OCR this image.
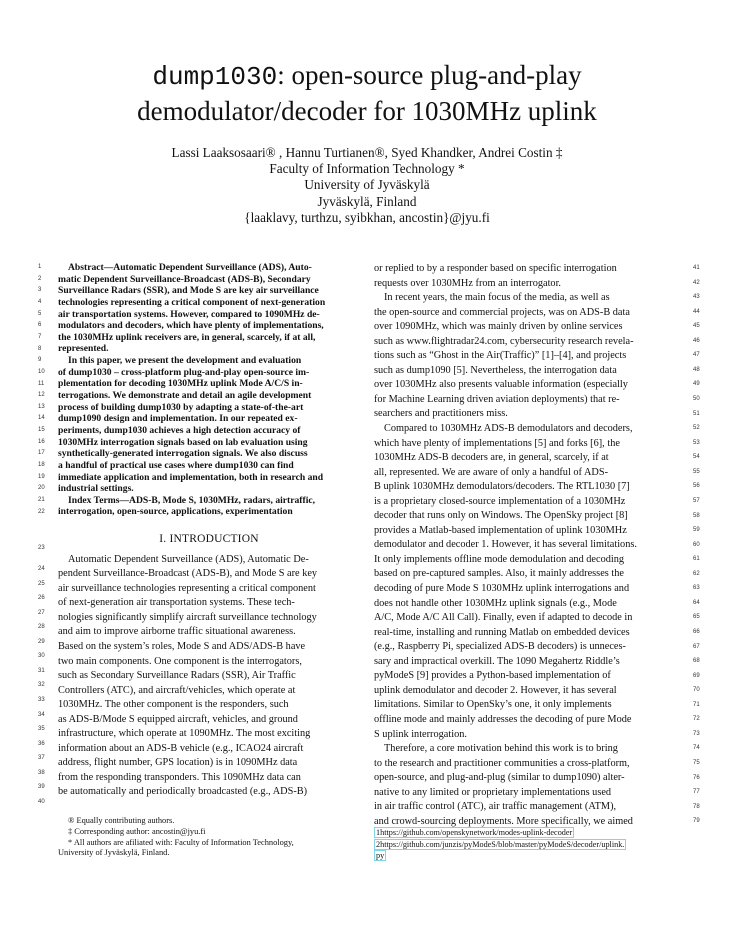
dump1030: open-source plug-and-play
demodulator/decoder for 1030MHz uplink
Lassi Laaksosaari® , Hannu Turtianen®, Syed Khandker, Andrei Costin ‡
Faculty of Information Technology *
University of Jyväskylä
Jyväskylä, Finland
{laaklavy, turthzu, syibkhan, ancostin}@jyu.fi
Abstract—Automatic Dependent Surveillance (ADS), Auto-
matic Dependent Surveillance-Broadcast (ADS-B), Secondary
Surveillance Radars (SSR), and Mode S are key air surveillance
technologies representing a critical component of next-generation
air transportation systems. However, compared to 1090MHz de-
modulators and decoders, which have plenty of implementations,
the 1030MHz uplink receivers are, in general, scarcely, if at all,
represented.
In this paper, we present the development and evaluation
of dump1030 – cross-platform plug-and-play open-source im-
plementation for decoding 1030MHz uplink Mode A/C/S in-
terrogations. We demonstrate and detail an agile development
process of building dump1030 by adapting a state-of-the-art
dump1090 design and implementation. In our repeated ex-
periments, dump1030 achieves a high detection accuracy of
1030MHz interrogation signals based on lab evaluation using
synthetically-generated interrogation signals. We also discuss
a handful of practical use cases where dump1030 can find
immediate application and implementation, both in research and
industrial settings.
Index Terms—ADS-B, Mode S, 1030MHz, radars, airtraffic,
interrogation, open-source, applications, experimentation
I. INTRODUCTION
Automatic Dependent Surveillance (ADS), Automatic De-
pendent Surveillance-Broadcast (ADS-B), and Mode S are key
air surveillance technologies representing a critical component
of next-generation air transportation systems. These tech-
nologies significantly simplify aircraft surveillance technology
and aim to improve airborne traffic situational awareness.
Based on the system’s roles, Mode S and ADS/ADS-B have
two main components. One component is the interrogators,
such as Secondary Surveillance Radars (SSR), Air Traffic
Controllers (ATC), and aircraft/vehicles, which operate at
1030MHz. The other component is the responders, such
as ADS-B/Mode S equipped aircraft, vehicles, and ground
infrastructure, which operate at 1090MHz. The most exciting
information about an ADS-B vehicle (e.g., ICAO24 aircraft
address, flight number, GPS location) is in 1090MHz data
from the responding transponders. This 1090MHz data can
be automatically and periodically broadcasted (e.g., ADS-B)
or replied to by a responder based on specific interrogation
requests over 1030MHz from an interrogator.
In recent years, the main focus of the media, as well as
the open-source and commercial projects, was on ADS-B data
over 1090MHz, which was mainly driven by online services
such as www.flightradar24.com, cybersecurity research revela-
tions such as “Ghost in the Air(Traffic)” [1]–[4], and projects
such as dump1090 [5]. Nevertheless, the interrogation data
over 1030MHz also presents valuable information (especially
for Machine Learning driven aviation deployments) that re-
searchers and practitioners miss.
Compared to 1030MHz ADS-B demodulators and decoders,
which have plenty of implementations [5] and forks [6], the
1030MHz ADS-B decoders are, in general, scarcely, if at
all, represented. We are aware of only a handful of ADS-
B uplink 1030MHz demodulators/decoders. The RTL1030 [7]
is a proprietary closed-source implementation of a 1030MHz
decoder that runs only on Windows. The OpenSky project [8]
provides a Matlab-based implementation of uplink 1030MHz
demodulator and decoder 1. However, it has several limitations.
It only implements offline mode demodulation and decoding
based on pre-captured samples. Also, it mainly addresses the
decoding of pure Mode S 1030MHz uplink interrogations and
does not handle other 1030MHz uplink signals (e.g., Mode
A/C, Mode A/C All Call). Finally, even if adapted to decode in
real-time, installing and running Matlab on embedded devices
(e.g., Raspberry Pi, specialized ADS-B decoders) is unneces-
sary and impractical overkill. The 1090 Megahertz Riddle’s
pyModeS [9] provides a Python-based implementation of
uplink demodulator and decoder 2. However, it has several
limitations. Similar to OpenSky’s one, it only implements
offline mode and mainly addresses the decoding of pure Mode
S uplink interrogation.
Therefore, a core motivation behind this work is to bring
to the research and practitioner communities a cross-platform,
open-source, and plug-and-plug (similar to dump1090) alter-
native to any limited or proprietary implementations used
in air traffic control (ATC), air traffic management (ATM),
and crowd-sourcing deployments. More specifically, we aimed
1
2
3
4
5
6
7
8
9
10
11
12
13
14
15
16
17
18
19
20
21
22
23
24
25
26
27
28
29
30
31
32
33
34
35
36
37
38
39
40
41
42
43
44
45
46
47
48
49
50
51
52
53
54
55
56
57
58
59
60
61
62
63
64
65
66
67
68
69
70
71
72
73
74
75
76
77
78
79
® Equally contributing authors.
‡ Corresponding author: ancostin@jyu.fi
* All authors are afiliated with: Faculty of Information Technology,
University of Jyväskylä, Finland.
1https://github.com/openskynetwork/modes-uplink-decoder
2https://github.com/junzis/pyModeS/blob/master/pyModeS/decoder/uplink.
py
